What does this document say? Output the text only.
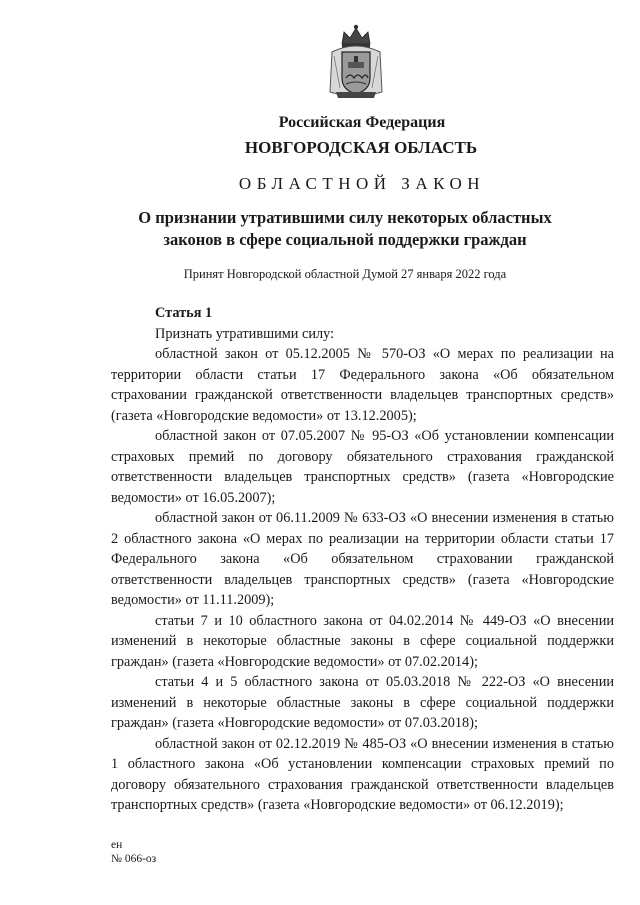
Российская Федерация
НОВГОРОДСКАЯ ОБЛАСТЬ
ОБЛАСТНОЙ ЗАКОН
О признании утратившими силу некоторых областных законов в сфере социальной поддержки граждан
Принят Новгородской областной Думой 27 января 2022 года
Статья 1

Признать утратившими силу:

областной закон от 05.12.2005 № 570-ОЗ «О мерах по реализации на территории области статьи 17 Федерального закона «Об обязательном страховании гражданской ответственности владельцев транспортных средств» (газета «Новгородские ведомости» от 13.12.2005);

областной закон от 07.05.2007 № 95-ОЗ «Об установлении компенсации страховых премий по договору обязательного страхования гражданской ответственности владельцев транспортных средств» (газета «Новгородские ведомости» от 16.05.2007);

областной закон от 06.11.2009 № 633-ОЗ «О внесении изменения в статью 2 областного закона «О мерах по реализации на территории области статьи 17 Федерального закона «Об обязательном страховании гражданской ответственности владельцев транспортных средств» (газета «Новгородские ведомости» от 11.11.2009);

статьи 7 и 10 областного закона от 04.02.2014 № 449-ОЗ «О внесении изменений в некоторые областные законы в сфере социальной поддержки граждан» (газета «Новгородские ведомости» от 07.02.2014);

статьи 4 и 5 областного закона от 05.03.2018 № 222-ОЗ «О внесении изменений в некоторые областные законы в сфере социальной поддержки граждан» (газета «Новгородские ведомости» от 07.03.2018);

областной закон от 02.12.2019 № 485-ОЗ «О внесении изменения в статью 1 областного закона «Об установлении компенсации страховых премий по договору обязательного страхования гражданской ответственности владельцев транспортных средств» (газета «Новгородские ведомости» от 06.12.2019);

ен
№ 066-оз
